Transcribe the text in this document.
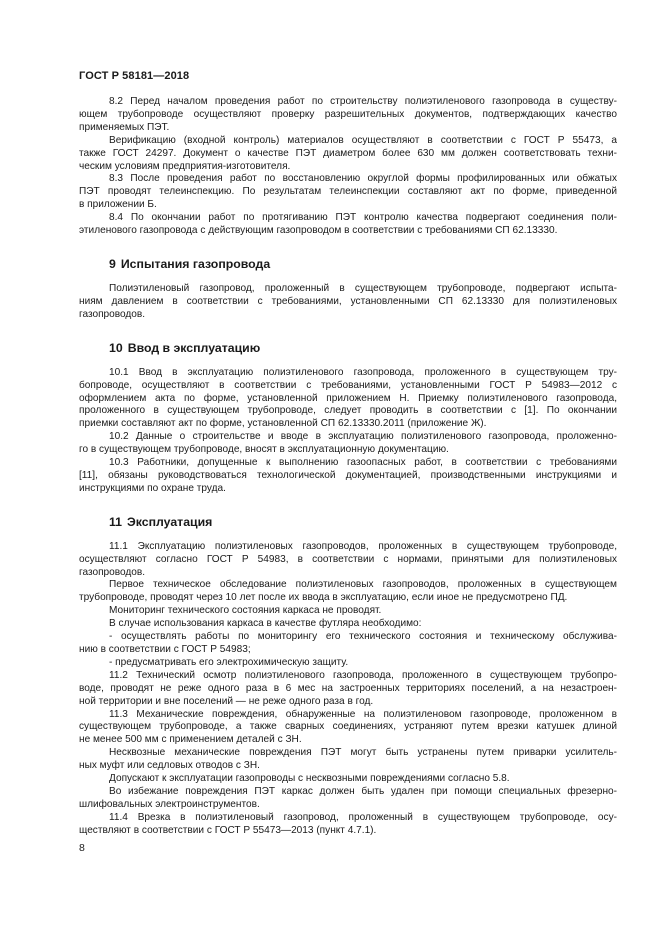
ГОСТ Р 58181—2018
8.2 Перед началом проведения работ по строительству полиэтиленового газопровода в существу-
ющем трубопроводе осуществляют проверку разрешительных документов, подтверждающих качество
применяемых ПЭТ.
Верификацию (входной контроль) материалов осуществляют в соответствии с ГОСТ Р 55473, а
также ГОСТ 24297. Документ о качестве ПЭТ диаметром более 630 мм должен соответствовать техни-
ческим условиям предприятия-изготовителя.
8.3 После проведения работ по восстановлению округлой формы профилированных или обжатых
ПЭТ проводят телеинспекцию. По результатам телеинспекции составляют акт по форме, приведенной
в приложении Б.
8.4 По окончании работ по протягиванию ПЭТ контролю качества подвергают соединения поли-
этиленового газопровода с действующим газопроводом в соответствии с требованиями СП 62.13330.
9 Испытания газопровода
Полиэтиленовый газопровод, проложенный в существующем трубопроводе, подвергают испыта-
ниям давлением в соответствии с требованиями, установленными СП 62.13330 для полиэтиленовых
газопроводов.
10 Ввод в эксплуатацию
10.1 Ввод в эксплуатацию полиэтиленового газопровода, проложенного в существующем тру-
бопроводе, осуществляют в соответствии с требованиями, установленными ГОСТ Р 54983—2012 с
оформлением акта по форме, установленной приложением Н. Приемку полиэтиленового газопровода,
проложенного в существующем трубопроводе, следует проводить в соответствии с [1]. По окончании
приемки составляют акт по форме, установленной СП 62.13330.2011 (приложение Ж).
10.2 Данные о строительстве и вводе в эксплуатацию полиэтиленового газопровода, проложенно-
го в существующем трубопроводе, вносят в эксплуатационную документацию.
10.3 Работники, допущенные к выполнению газоопасных работ, в соответствии с требованиями
[11], обязаны руководствоваться технологической документацией, производственными инструкциями и
инструкциями по охране труда.
11 Эксплуатация
11.1 Эксплуатацию полиэтиленовых газопроводов, проложенных в существующем трубопроводе,
осуществляют согласно ГОСТ Р 54983, в соответствии с нормами, принятыми для полиэтиленовых
газопроводов.
Первое техническое обследование полиэтиленовых газопроводов, проложенных в существующем
трубопроводе, проводят через 10 лет после их ввода в эксплуатацию, если иное не предусмотрено ПД.
Мониторинг технического состояния каркаса не проводят.
В случае использования каркаса в качестве футляра необходимо:
- осуществлять работы по мониторингу его технического состояния и техническому обслужива-
нию в соответствии с ГОСТ Р 54983;
- предусматривать его электрохимическую защиту.
11.2 Технический осмотр полиэтиленового газопровода, проложенного в существующем трубопро-
воде, проводят не реже одного раза в 6 мес на застроенных территориях поселений, а на незастроен-
ной территории и вне поселений — не реже одного раза в год.
11.3 Механические повреждения, обнаруженные на полиэтиленовом газопроводе, проложенном в
существующем трубопроводе, а также сварных соединениях, устраняют путем врезки катушек длиной
не менее 500 мм с применением деталей с ЗН.
Несквозные механические повреждения ПЭТ могут быть устранены путем приварки усилитель-
ных муфт или седловых отводов с ЗН.
Допускают к эксплуатации газопроводы с несквозными повреждениями согласно 5.8.
Во избежание повреждения ПЭТ каркас должен быть удален при помощи специальных фрезерно-
шлифовальных электроинструментов.
11.4 Врезка в полиэтиленовый газопровод, проложенный в существующем трубопроводе, осу-
ществляют в соответствии с ГОСТ Р 55473—2013 (пункт 4.7.1).
8
